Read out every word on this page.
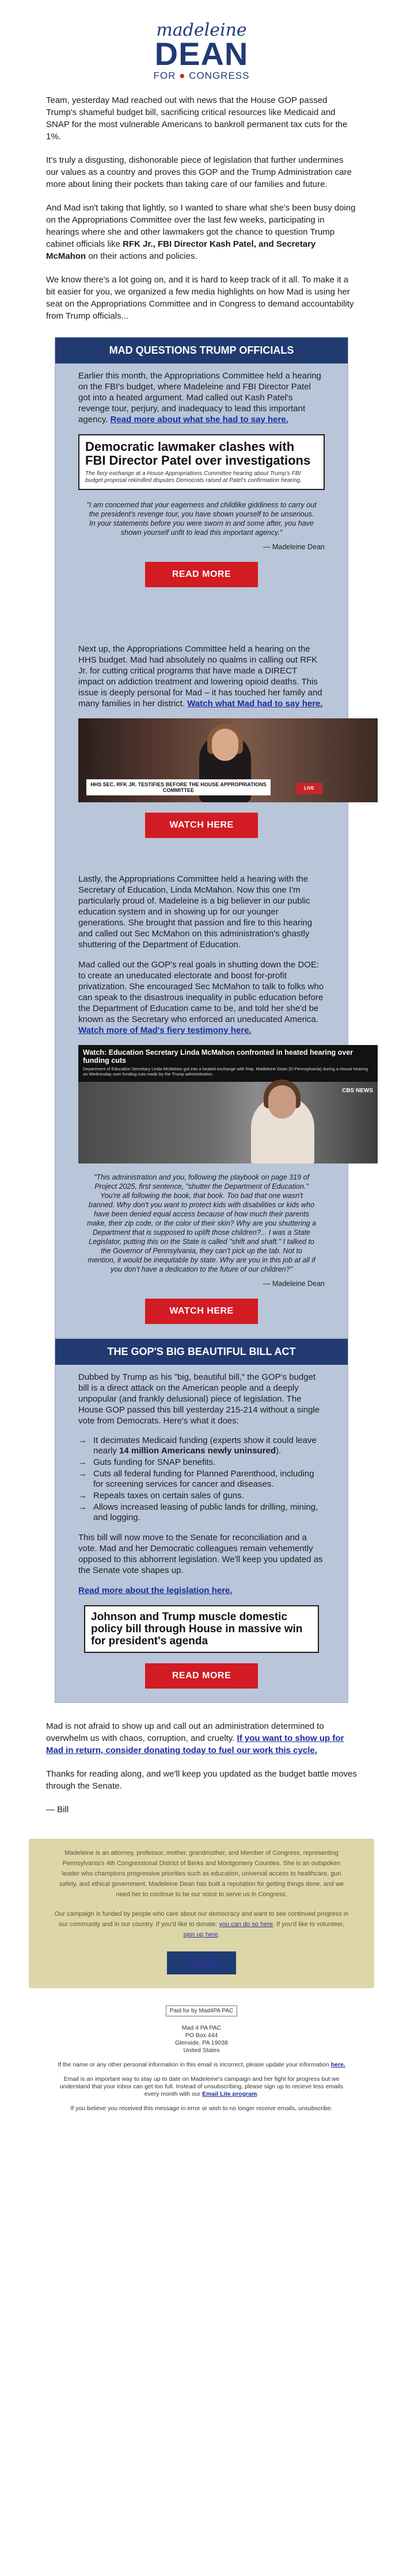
madeleine
DEAN
FOR ● CONGRESS

Team, yesterday Mad reached out with news that the House GOP passed Trump's shameful budget bill, sacrificing critical resources like Medicaid and SNAP for the most vulnerable Americans to bankroll permanent tax cuts for the 1%.

It's truly a disgusting, dishonorable piece of legislation that further undermines our values as a country and proves this GOP and the Trump Administration care more about lining their pockets than taking care of our families and future.

And Mad isn't taking that lightly, so I wanted to share what she's been busy doing on the Appropriations Committee over the last few weeks, participating in hearings where she and other lawmakers got the chance to question Trump cabinet officials like RFK Jr., FBI Director Kash Patel, and Secretary McMahon on their actions and policies.

We know there's a lot going on, and it is hard to keep track of it all. To make it a bit easier for you, we organized a few media highlights on how Mad is using her seat on the Appropriations Committee and in Congress to demand accountability from Trump officials...

MAD QUESTIONS TRUMP OFFICIALS

Earlier this month, the Appropriations Committee held a hearing on the FBI's budget, where Madeleine and FBI Director Patel got into a heated argument. Mad called out Kash Patel's revenge tour, perjury, and inadequacy to lead this important agency. Read more about what she had to say here.

Democratic lawmaker clashes with FBI Director Patel over investigations
The fiery exchange at a House Appropriations Committee hearing about Trump's FBI budget proposal rekindled disputes Democrats raised at Patel's confirmation hearing.
"I am concerned that your eagerness and childlike giddiness to carry out the president's revenge tour, you have shown yourself to be unserious. In your statements before you were sworn in and some after, you have shown yourself unfit to lead this important agency."
— Madeleine Dean
READ MORE

Next up, the Appropriations Committee held a hearing on the HHS budget. Mad had absolutely no qualms in calling out RFK Jr. for cutting critical programs that have made a DIRECT impact on addiction treatment and lowering opioid deaths. This issue is deeply personal for Mad – it has touched her family and many families in her district. Watch what Mad had to say here.

HHS SEC. RFK JR. TESTIFIES BEFORE THE HOUSE APPROPRIATIONS COMMITTEE	LIVE
WATCH HERE

Lastly, the Appropriations Committee held a hearing with the Secretary of Education, Linda McMahon. Now this one I'm particularly proud of. Madeleine is a big believer in our public education system and in showing up for our younger generations. She brought that passion and fire to this hearing and called out Sec McMahon on this administration's ghastly shuttering of the Department of Education.

Mad called out the GOP's real goals in shutting down the DOE: to create an uneducated electorate and boost for-profit privatization. She encouraged Sec McMahon to talk to folks who can speak to the disastrous inequality in public education before the Department of Education came to be, and told her she'd be known as the Secretary who enforced an uneducated America. Watch more of Mad's fiery testimony here.

Watch: Education Secretary Linda McMahon confronted in heated hearing over funding cuts
Department of Education Secretary Linda McMahon got into a heated exchange with Rep. Madeleine Dean (D-Pennsylvania) during a House hearing on Wednesday over funding cuts made by the Trump administration.
CBS NEWS
"This administration and you, following the playbook on page 319 of Project 2025, first sentence, "shutter the Department of Education." You're all following the book, that book. Too bad that one wasn't banned. Why don't you want to protect kids with disabilities or kids who have been denied equal access because of how much their parents make, their zip code, or the color of their skin? Why are you shuttering a Department that is supposed to uplift those children?... I was a State Legislator, putting this on the State is called "shift and shaft." I talked to the Governor of Pennsylvania, they can't pick up the tab. Not to mention, it would be inequitable by state. Why are you in this job at all if you don't have a dedication to the future of our children?"
— Madeleine Dean
WATCH HERE
THE GOP'S BIG BEAUTIFUL BILL ACT

Dubbed by Trump as his "big, beautiful bill," the GOP's budget bill is a direct attack on the American people and a deeply unpopular (and frankly delusional) piece of legislation. The House GOP passed this bill yesterday 215-214 without a single vote from Democrats. Here's what it does:

→ It decimates Medicaid funding (experts show it could leave nearly 14 million Americans newly uninsured).
→ Guts funding for SNAP benefits.
→ Cuts all federal funding for Planned Parenthood, including for screening services for cancer and diseases.
→ Repeals taxes on certain sales of guns.
→ Allows increased leasing of public lands for drilling, mining, and logging.

This bill will now move to the Senate for reconciliation and a vote. Mad and her Democratic colleagues remain vehemently opposed to this abhorrent legislation. We'll keep you updated as the Senate vote shapes up.

Read more about the legislation here.

Johnson and Trump muscle domestic policy bill through House in massive win for president's agenda
READ MORE

Mad is not afraid to show up and call out an administration determined to overwhelm us with chaos, corruption, and cruelty. If you want to show up for Mad in return, consider donating today to fuel our work this cycle.

Thanks for reading along, and we'll keep you updated as the budget battle moves through the Senate.

— Bill

Madeleine is an attorney, professor, mother, grandmother, and Member of Congress, representing Pennsylvania's 4th Congressional District of Berks and Montgomery Counties. She is an outspoken leader who champions progressive priorities such as education, universal access to healthcare, gun safety, and ethical government. Madeleine Dean has built a reputation for getting things done, and we need her to continue to be our voice to serve us in Congress.

Our campaign is funded by people who care about our democracy and want to see continued progress in our community and in our country. If you'd like to donate: you can do so here. If you'd like to volunteer, sign up here.

DONATE
Paid for by Mad4PA PAC

Mad 4 PA PAC
PO Box 444
Glenside, PA 19038
United States

If the name or any other personal information in this email is incorrect, please update your information here.

Email is an important way to stay up to date on Madeleine's campaign and her fight for progress but we understand that your inbox can get too full. Instead of unsubscribing, please sign up to recieve less emails every month with our Email Lite program.

If you believe you received this message in error or wish to no longer receive emails, unsubscribe.
